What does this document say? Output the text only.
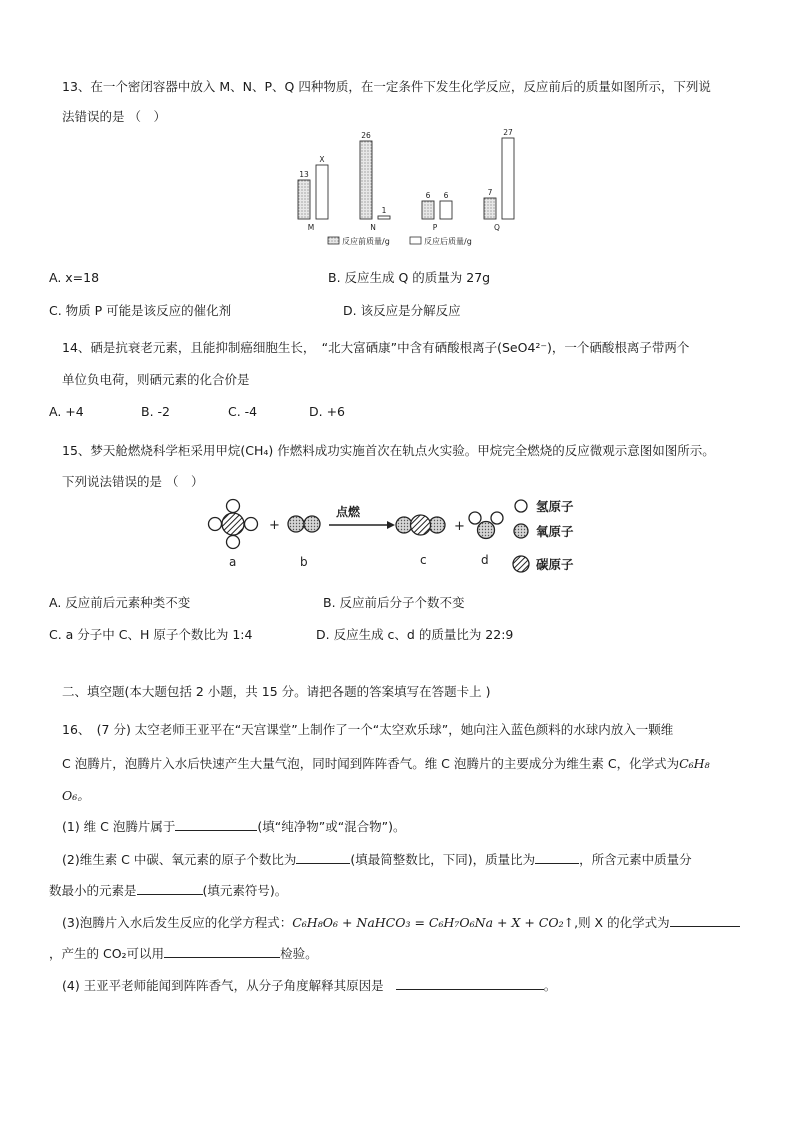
13、在一个密闭容器中放入 M、N、P、Q 四种物质，在一定条件下发生化学反应，反应前后的质量如图所示，下列说
法错误的是 （　）
13
X
M
26
1
N
6 6
P
7
27
Q
反应前质量/g	反应后质量/g
A. x=18	B. 反应生成 Q 的质量为 27g
C. 物质 P 可能是该反应的催化剂	D. 该反应是分解反应
14、硒是抗衰老元素，且能抑制癌细胞生长，　“北大富硒康”中含有硒酸根离子(SeO4²⁻)，一个硒酸根离子带两个
单位负电荷，则硒元素的化合价是
A. +4	B. -2	C. -4	D. +6
15、梦天舱燃烧科学柜采用甲烷(CH₄) 作燃料成功实施首次在轨点火实验。甲烷完全燃烧的反应微观示意图如图所示。
下列说法错误的是 （　）
+
点燃
+
a	b	c	d
氢原子
氧原子
碳原子
A. 反应前后元素种类不变	B. 反应前后分子个数不变
C. a 分子中 C、H 原子个数比为 1:4	D. 反应生成 c、d 的质量比为 22:9
二、填空题(本大题包括 2 小题，共 15 分。请把各题的答案填写在答题卡上 )
16、　(7 分) 太空老师王亚平在“天宫课堂”上制作了一个“太空欢乐球”，她向注入蓝色颜料的水球内放入一颗维
C 泡腾片，泡腾片入水后快速产生大量气泡，同时闻到阵阵香气。维 C 泡腾片的主要成分为维生素 C，化学式为C₆H₈
O₆。
(1) 维 C 泡腾片属于	(填“纯净物”或“混合物”)。
(2)维生素 C 中碳、氧元素的原子个数比为	(填最简整数比，下同)，质量比为	，所含元素中质量分
数最小的元素是	(填元素符号)。
(3)泡腾片入水后发生反应的化学方程式：C₆H₈O₆ + NaHCO₃ = C₆H₇O₆Na + X + CO₂↑,则 X 的化学式为
，产生的 CO₂可以用	检验。
(4) 王亚平老师能闻到阵阵香气，从分子角度解释其原因是	。
